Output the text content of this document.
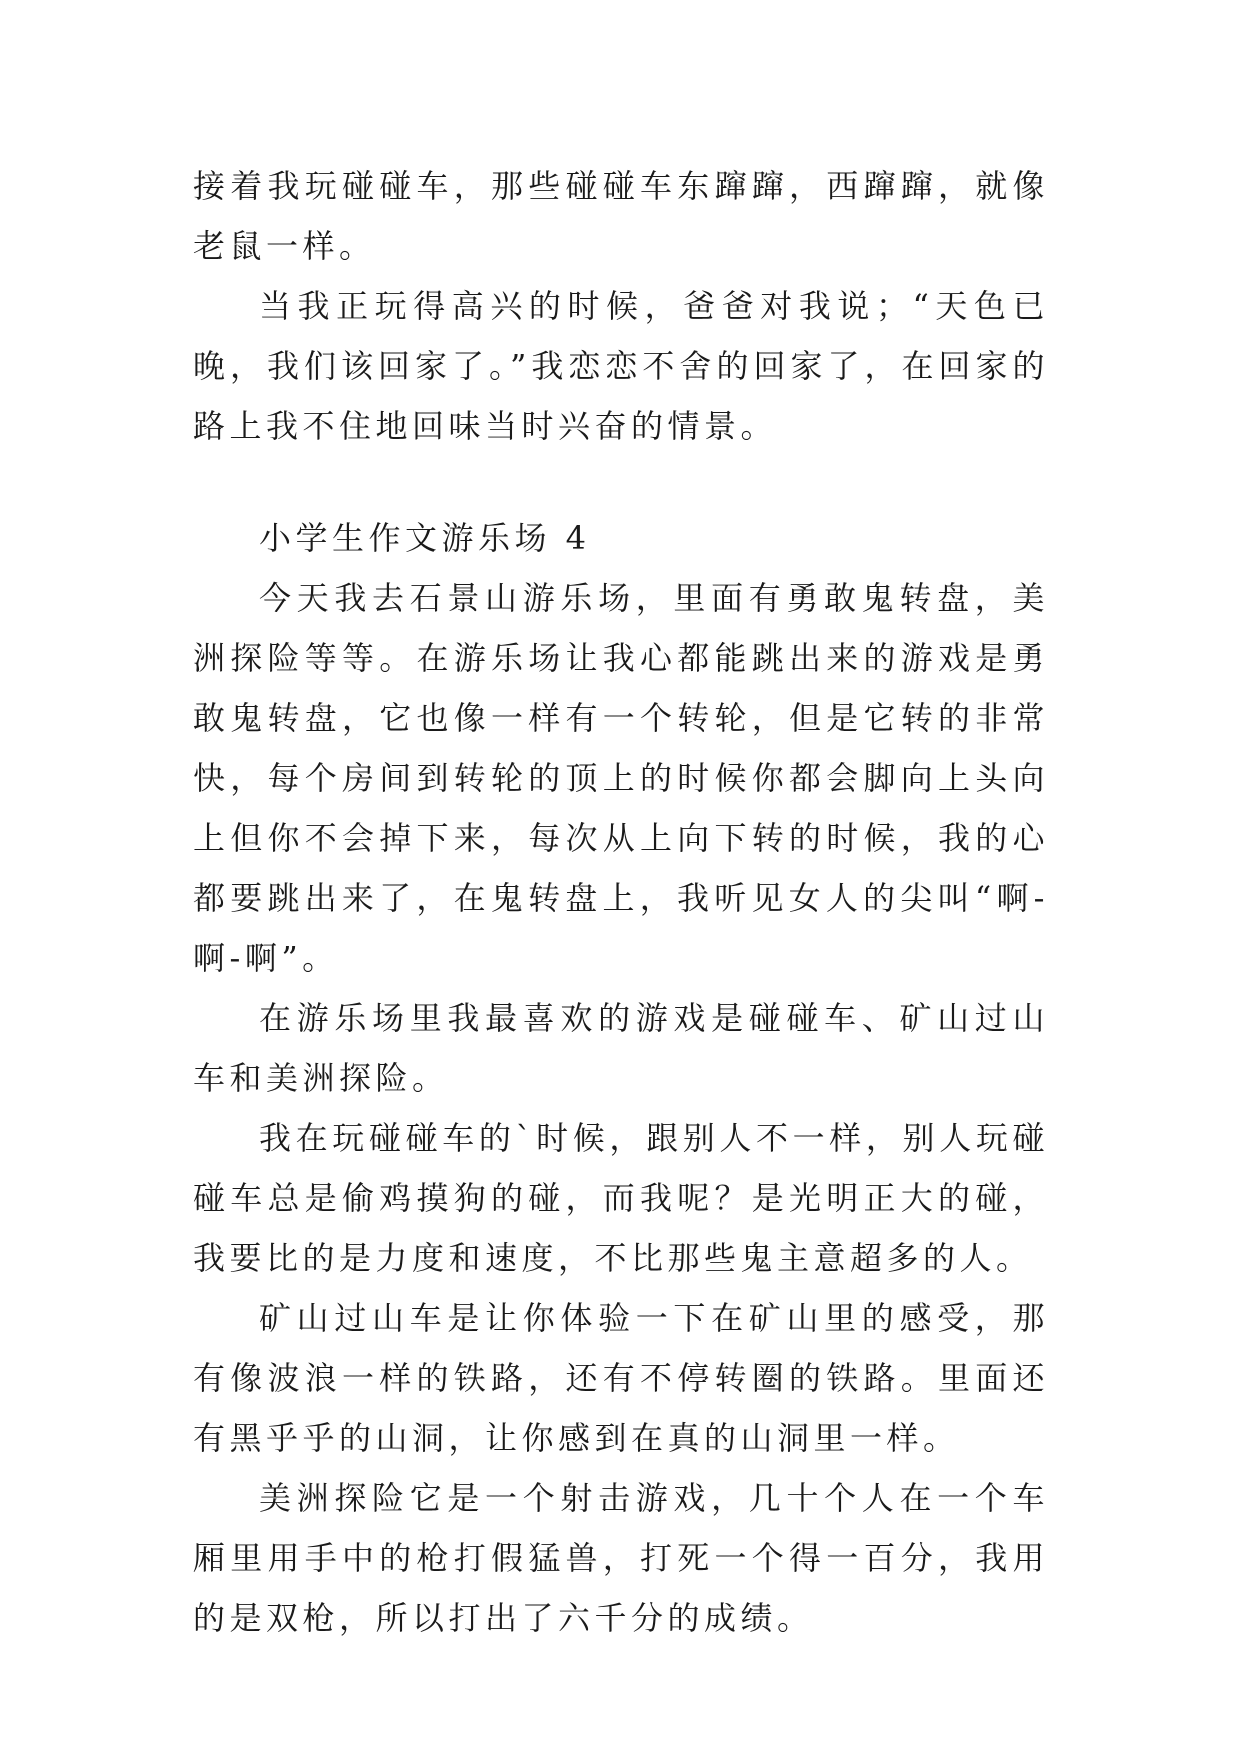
接着我玩碰碰车，那些碰碰车东蹿蹿，西蹿蹿，就像老鼠一样。

当我正玩得高兴的时候，爸爸对我说；“天色已晚，我们该回家了。”我恋恋不舍的回家了，在回家的路上我不住地回味当时兴奋的情景。

小学生作文游乐场 4

今天我去石景山游乐场，里面有勇敢鬼转盘，美洲探险等等。在游乐场让我心都能跳出来的游戏是勇敢鬼转盘，它也像一样有一个转轮，但是它转的非常快，每个房间到转轮的顶上的时候你都会脚向上头向上但你不会掉下来，每次从上向下转的时候，我的心都要跳出来了，在鬼转盘上，我听见女人的尖叫“啊-啊-啊”。

在游乐场里我最喜欢的游戏是碰碰车、矿山过山车和美洲探险。

我在玩碰碰车的`时候，跟别人不一样，别人玩碰碰车总是偷鸡摸狗的碰，而我呢？是光明正大的碰，我要比的是力度和速度，不比那些鬼主意超多的人。

矿山过山车是让你体验一下在矿山里的感受，那有像波浪一样的铁路，还有不停转圈的铁路。里面还有黑乎乎的山洞，让你感到在真的山洞里一样。

美洲探险它是一个射击游戏，几十个人在一个车厢里用手中的枪打假猛兽，打死一个得一百分，我用的是双枪，所以打出了六千分的成绩。
